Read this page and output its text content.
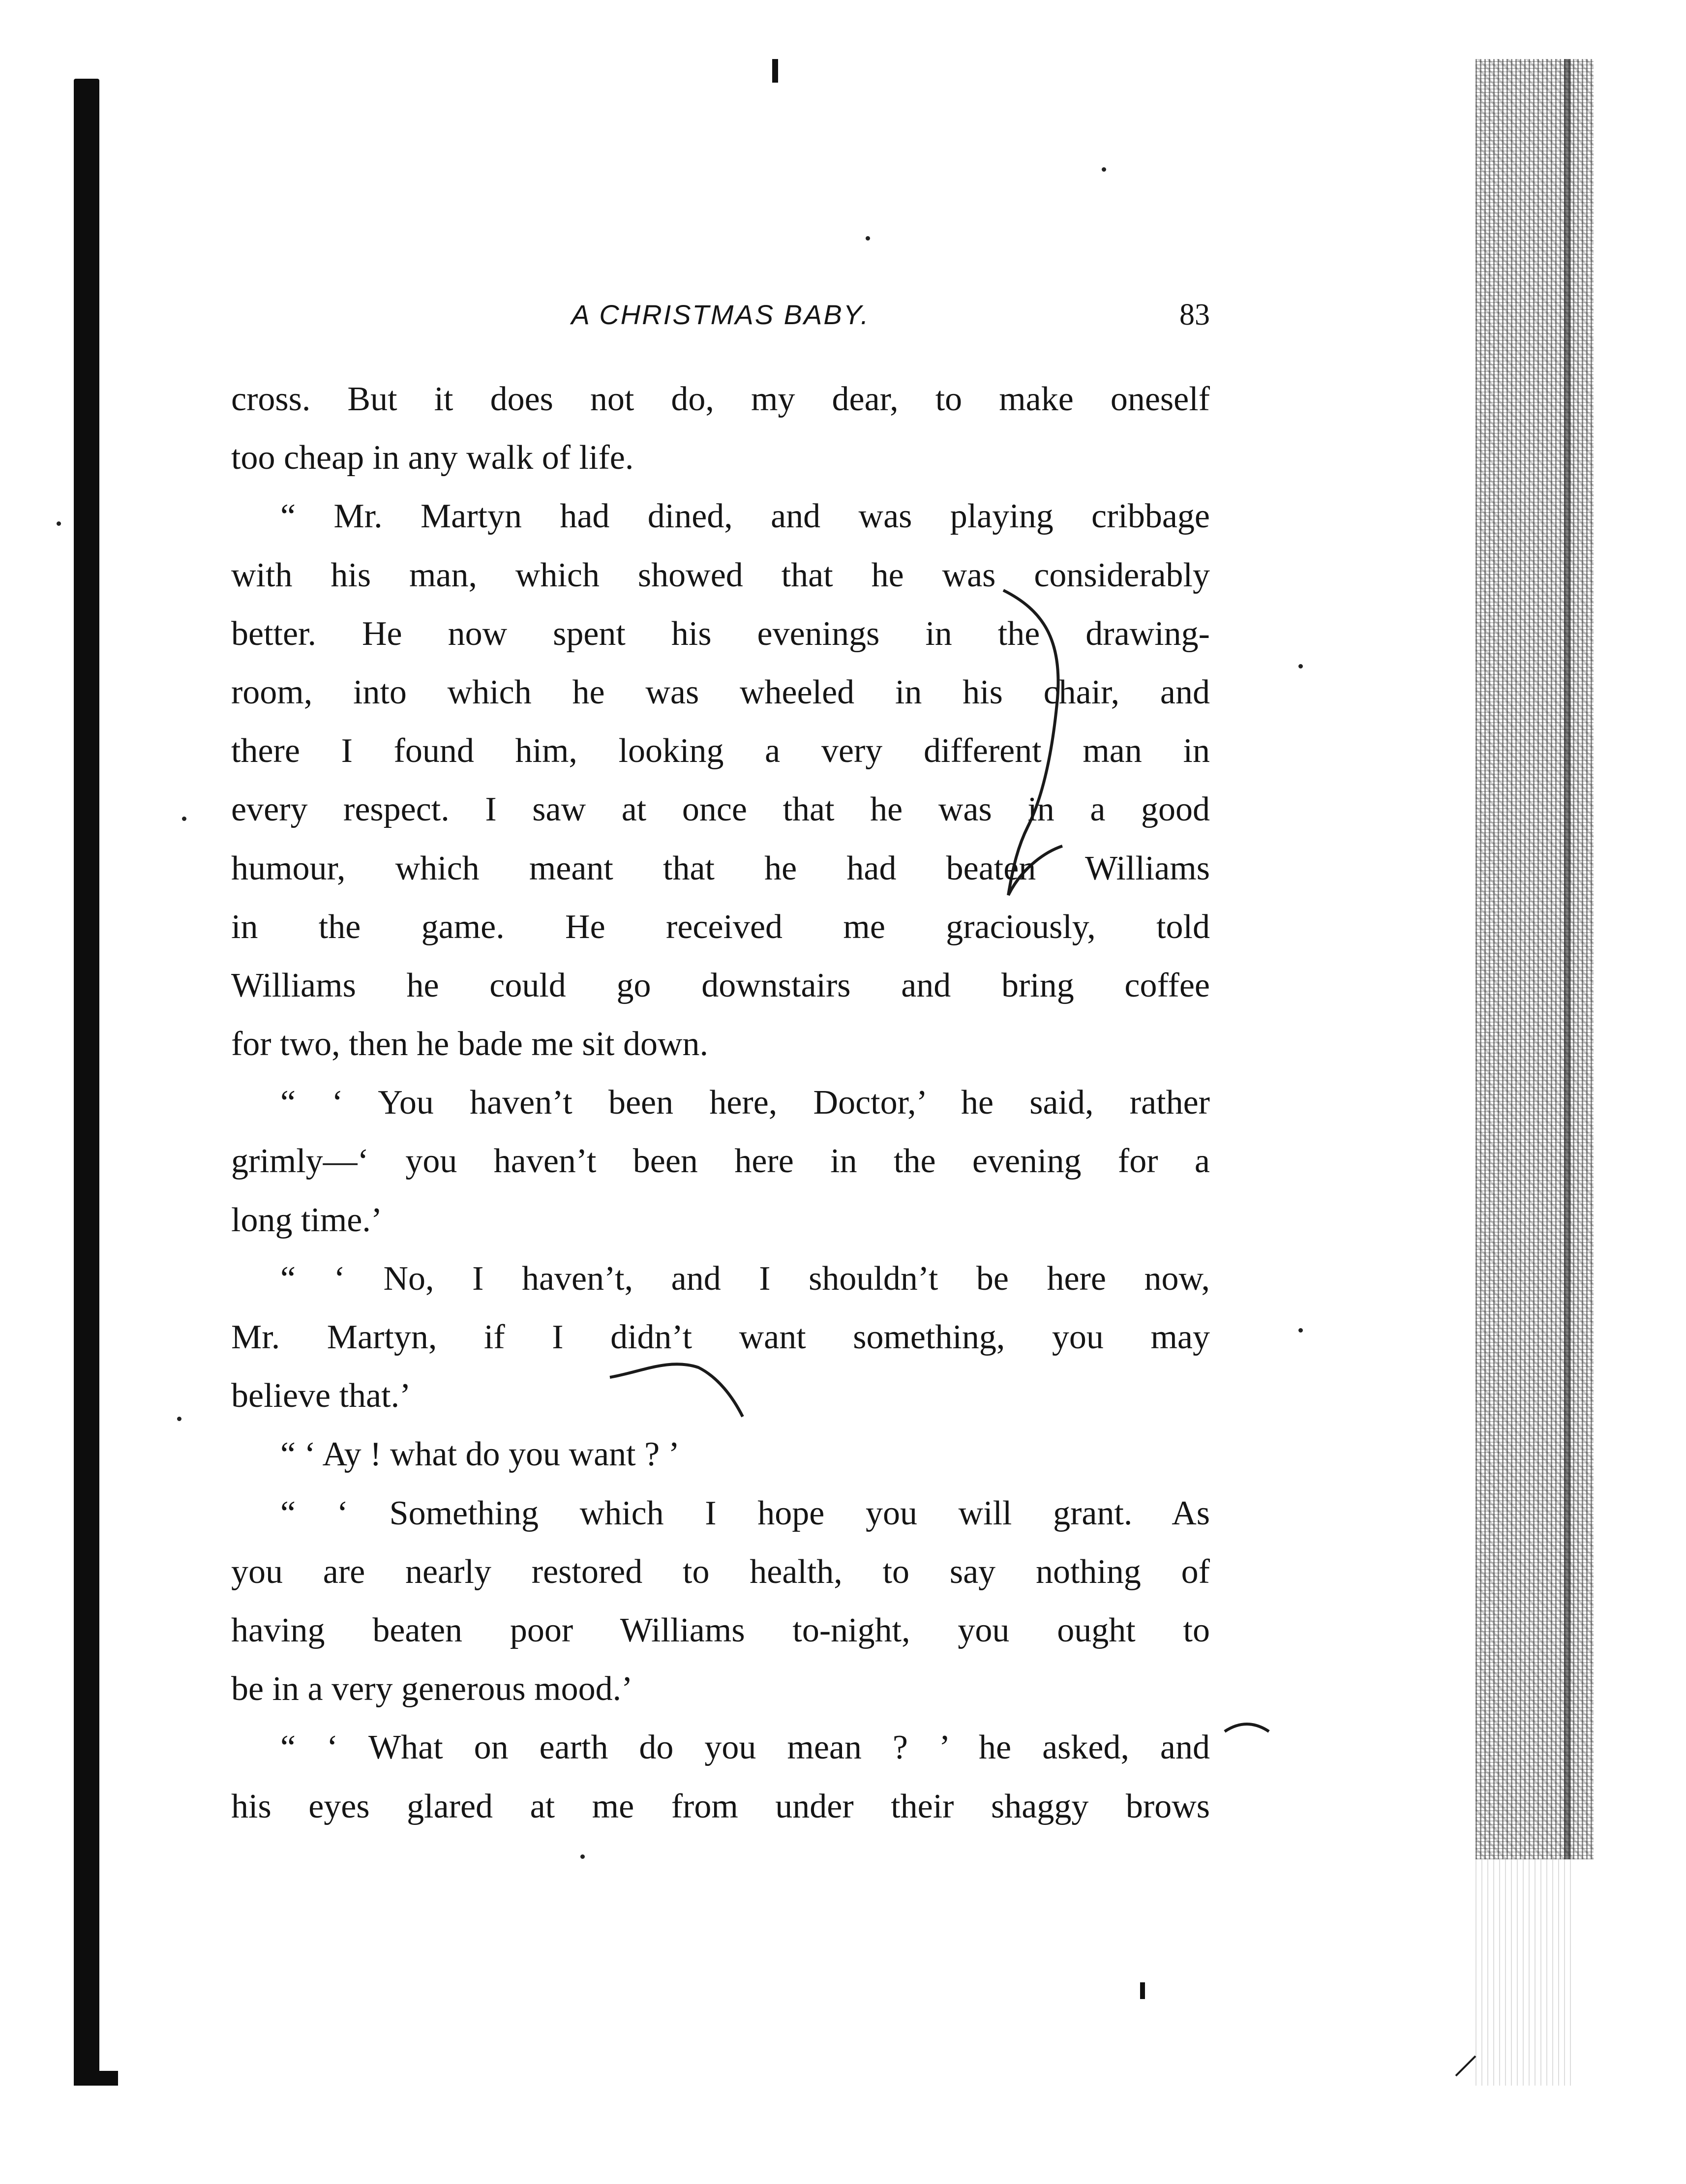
A CHRISTMAS BABY.	83
cross. But it does not do, my dear, to make oneself
too cheap in any walk of life.
“ Mr. Martyn had dined, and was playing cribbage
with his man, which showed that he was considerably
better. He now spent his evenings in the drawing-
room, into which he was wheeled in his chair, and
there I found him, looking a very different man in
every respect. I saw at once that he was in a good
humour, which meant that he had beaten Williams
in the game. He received me graciously, told
Williams he could go downstairs and bring coffee
for two, then he bade me sit down.
“ ‘ You haven’t been here, Doctor,’ he said, rather
grimly—‘ you haven’t been here in the evening for a
long time.’
“ ‘ No, I haven’t, and I shouldn’t be here now,
Mr. Martyn, if I didn’t want something, you may
believe that.’
“ ‘ Ay ! what do you want ? ’
“ ‘ Something which I hope you will grant. As
you are nearly restored to health, to say nothing of
having beaten poor Williams to-night, you ought to
be in a very generous mood.’
“ ‘ What on earth do you mean ? ’ he asked, and
his eyes glared at me from under their shaggy brows
